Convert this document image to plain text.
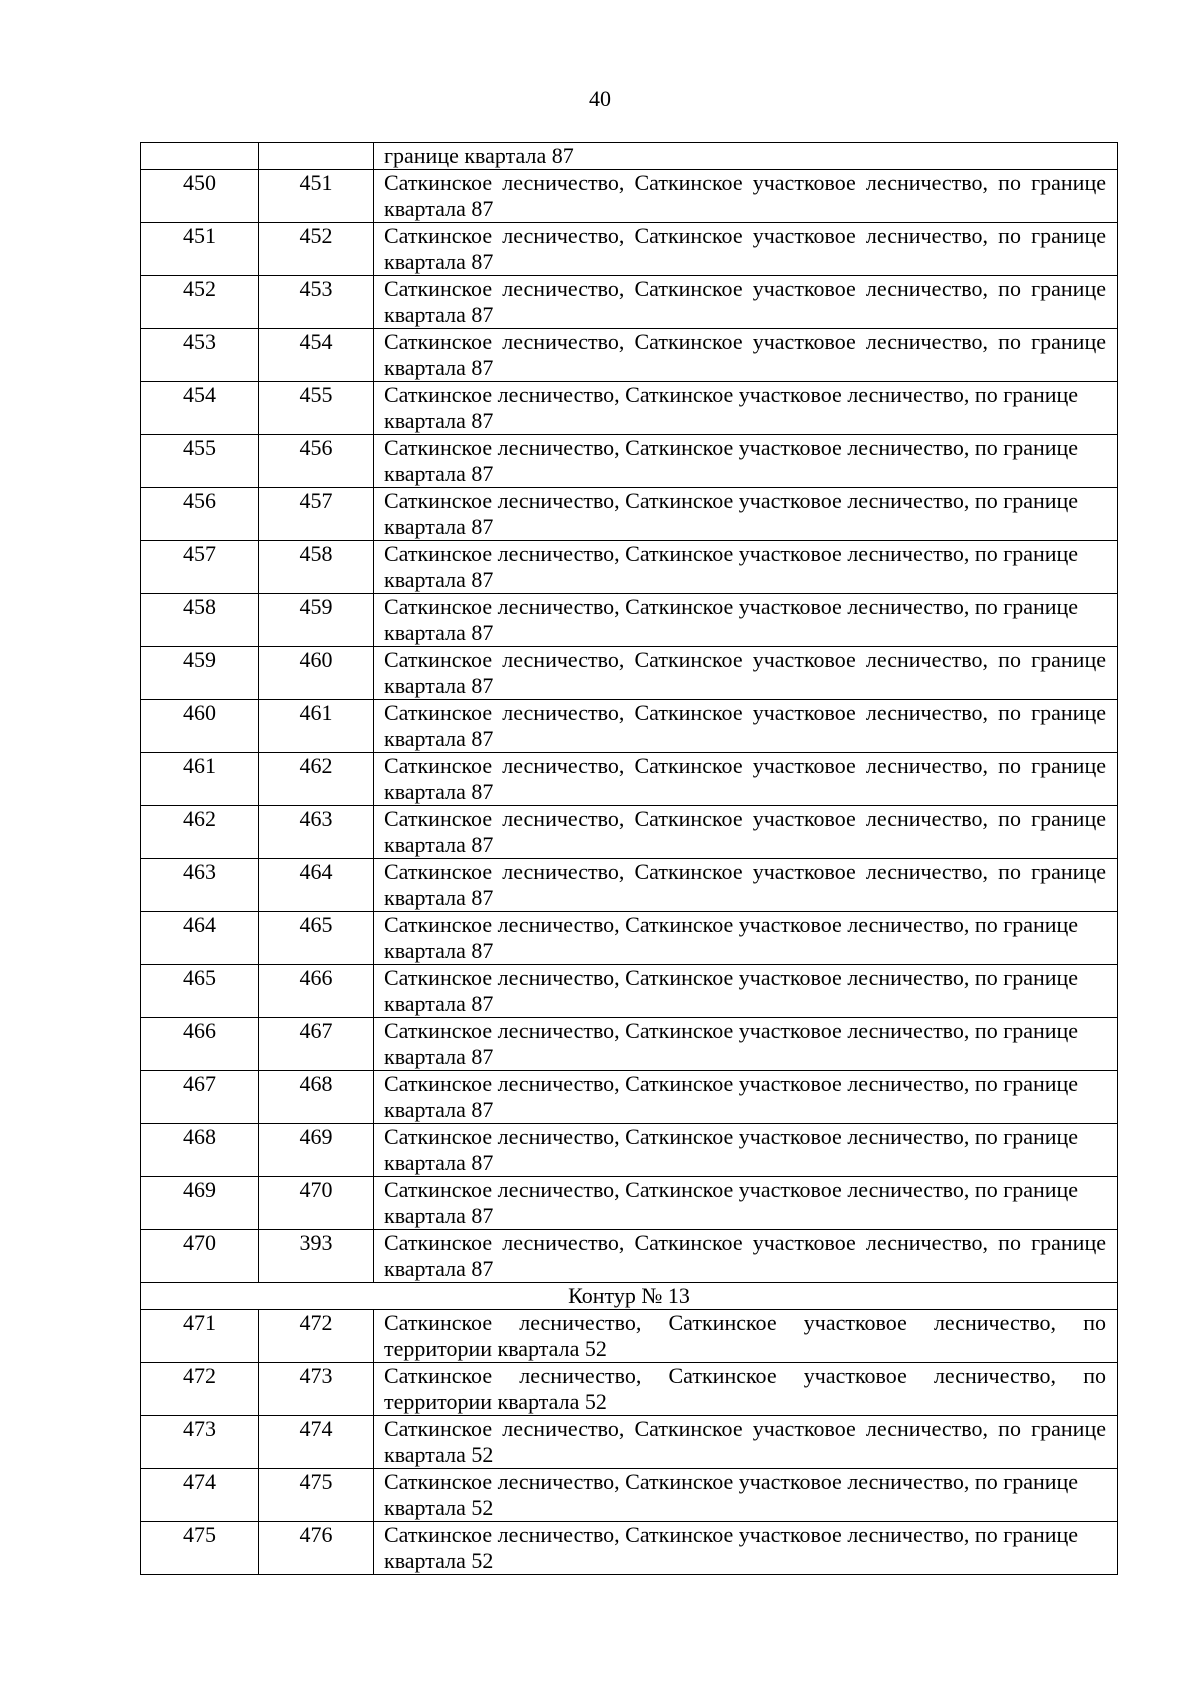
40
		границе квартала 87
450	451	Саткинское лесничество, Саткинское участковое лесничество, по границе квартала 87
451	452	Саткинское лесничество, Саткинское участковое лесничество, по границе квартала 87
452	453	Саткинское лесничество, Саткинское участковое лесничество, по границе квартала 87
453	454	Саткинское лесничество, Саткинское участковое лесничество, по границе квартала 87
454	455	Саткинское лесничество, Саткинское участковое лесничество, по границе квартала 87
455	456	Саткинское лесничество, Саткинское участковое лесничество, по границе квартала 87
456	457	Саткинское лесничество, Саткинское участковое лесничество, по границе квартала 87
457	458	Саткинское лесничество, Саткинское участковое лесничество, по границе квартала 87
458	459	Саткинское лесничество, Саткинское участковое лесничество, по границе квартала 87
459	460	Саткинское лесничество, Саткинское участковое лесничество, по границе квартала 87
460	461	Саткинское лесничество, Саткинское участковое лесничество, по границе квартала 87
461	462	Саткинское лесничество, Саткинское участковое лесничество, по границе квартала 87
462	463	Саткинское лесничество, Саткинское участковое лесничество, по границе квартала 87
463	464	Саткинское лесничество, Саткинское участковое лесничество, по границе квартала 87
464	465	Саткинское лесничество, Саткинское участковое лесничество, по границе квартала 87
465	466	Саткинское лесничество, Саткинское участковое лесничество, по границе квартала 87
466	467	Саткинское лесничество, Саткинское участковое лесничество, по границе квартала 87
467	468	Саткинское лесничество, Саткинское участковое лесничество, по границе квартала 87
468	469	Саткинское лесничество, Саткинское участковое лесничество, по границе квартала 87
469	470	Саткинское лесничество, Саткинское участковое лесничество, по границе квартала 87
470	393	Саткинское лесничество, Саткинское участковое лесничество, по границе квартала 87
Контур № 13		
471	472	Саткинское лесничество, Саткинское участковое лесничество, по территории квартала 52
472	473	Саткинское лесничество, Саткинское участковое лесничество, по территории квартала 52
473	474	Саткинское лесничество, Саткинское участковое лесничество, по границе квартала 52
474	475	Саткинское лесничество, Саткинское участковое лесничество, по границе квартала 52
475	476	Саткинское лесничество, Саткинское участковое лесничество, по границе квартала 52
